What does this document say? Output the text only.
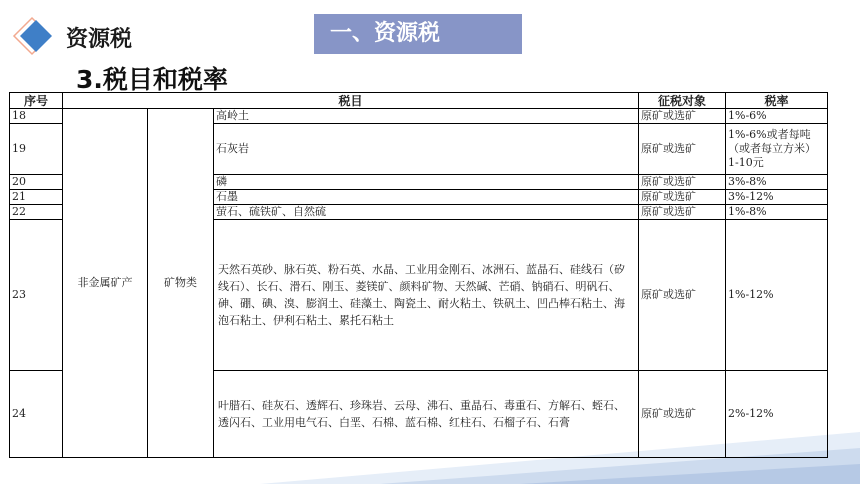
资源税	一、资源税
3.税目和税率
序号	税目			征税对象	税率
18	非金属矿产	矿物类	高岭土	原矿或选矿	1%-6%
19			石灰岩	原矿或选矿	1%-6%或者每吨（或者每立方米）1-10元
20			磷	原矿或选矿	3%-8%
21			石墨	原矿或选矿	3%-12%
22			萤石、硫铁矿、自然硫	原矿或选矿	1%-8%
23			天然石英砂、脉石英、粉石英、水晶、工业用金刚石、冰洲石、蓝晶石、硅线石（矽线石）、长石、滑石、刚玉、菱镁矿、颜料矿物、天然碱、芒硝、钠硝石、明矾石、砷、硼、碘、溴、膨润土、硅藻土、陶瓷土、耐火粘土、铁矾土、凹凸棒石粘土、海泡石粘土、伊利石粘土、累托石粘土	原矿或选矿	1%-12%
24			叶腊石、硅灰石、透辉石、珍珠岩、云母、沸石、重晶石、毒重石、方解石、蛭石、透闪石、工业用电气石、白垩、石棉、蓝石棉、红柱石、石榴子石、石膏	原矿或选矿	2%-12%
